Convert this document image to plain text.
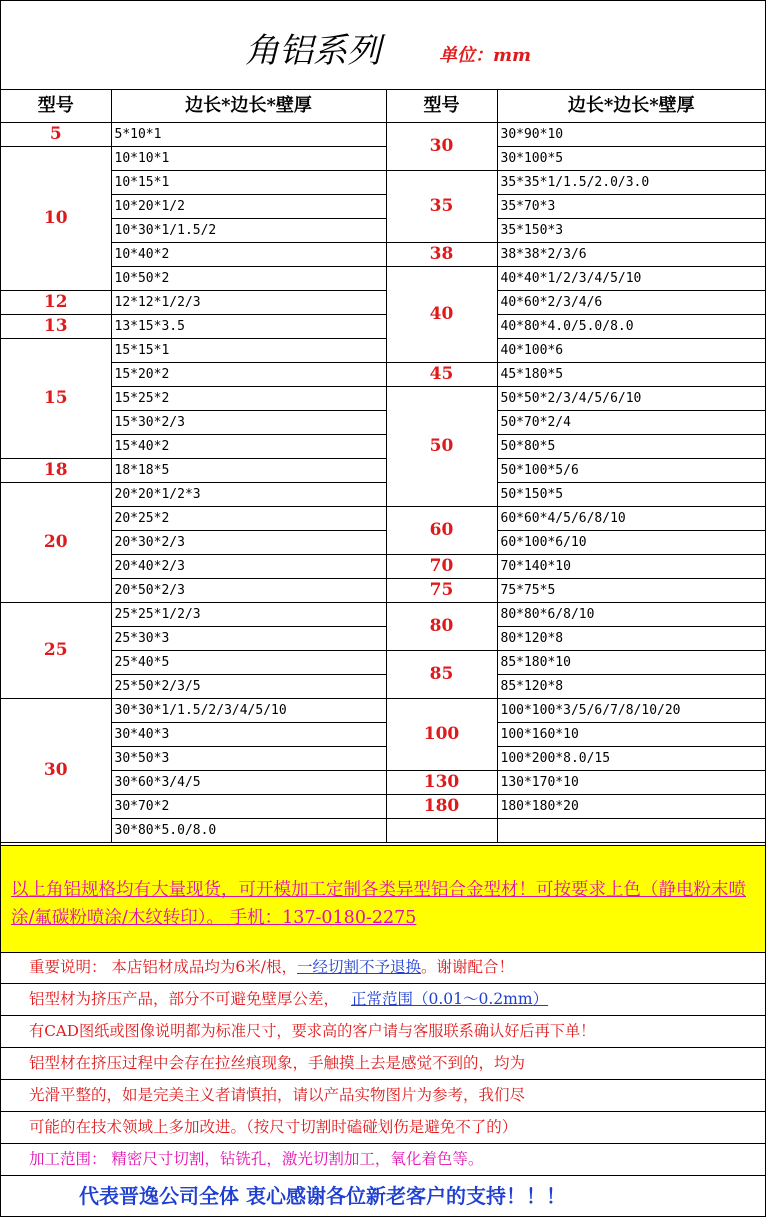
角铝系列	单位：mm
型号	边长*边长*壁厚	型号	边长*边长*壁厚
5	5*10*1	30	30*90*10
10	10*10*1		30*100*5
	10*15*1	35	35*35*1/1.5/2.0/3.0
	10*20*1/2		35*70*3
	10*30*1/1.5/2		35*150*3
	10*40*2	38	38*38*2/3/6
	10*50*2	40	40*40*1/2/3/4/5/10
12	12*12*1/2/3		40*60*2/3/4/6
13	13*15*3.5		40*80*4.0/5.0/8.0
15	15*15*1		40*100*6
	15*20*2	45	45*180*5
	15*25*2	50	50*50*2/3/4/5/6/10
	15*30*2/3		50*70*2/4
	15*40*2		50*80*5
18	18*18*5		50*100*5/6
20	20*20*1/2*3		50*150*5
	20*25*2	60	60*60*4/5/6/8/10
	20*30*2/3		60*100*6/10
	20*40*2/3	70	70*140*10
	20*50*2/3	75	75*75*5
25	25*25*1/2/3	80	80*80*6/8/10
	25*30*3		80*120*8
	25*40*5	85	85*180*10
	25*50*2/3/5		85*120*8
30	30*30*1/1.5/2/3/4/5/10	100	100*100*3/5/6/7/8/10/20
	30*40*3		100*160*10
	30*50*3		100*200*8.0/15
	30*60*3/4/5	130	130*170*10
	30*70*2	180	180*180*20
	30*80*5.0/8.0		

以上角铝规格均有大量现货，可开模加工定制各类异型铝合金型材！可按要求上色（静电粉末喷涂/氟碳粉喷涂/木纹转印）。 手机：137-0180-2275

重要说明： 本店铝材成品均为6米/根，一经切割不予退换。谢谢配合！
铝型材为挤压产品，部分不可避免壁厚公差， 正常范围（0.01～0.2mm）
有CAD图纸或图像说明都为标准尺寸，要求高的客户请与客服联系确认好后再下单！
铝型材在挤压过程中会存在拉丝痕现象，手触摸上去是感觉不到的，均为
光滑平整的，如是完美主义者请慎拍，请以产品实物图片为参考，我们尽
可能的在技术领域上多加改进。（按尺寸切割时磕碰划伤是避免不了的）
加工范围： 精密尺寸切割，钻铣孔，激光切割加工，氧化着色等。
代表晋逸公司全体 衷心感谢各位新老客户的支持！！！
